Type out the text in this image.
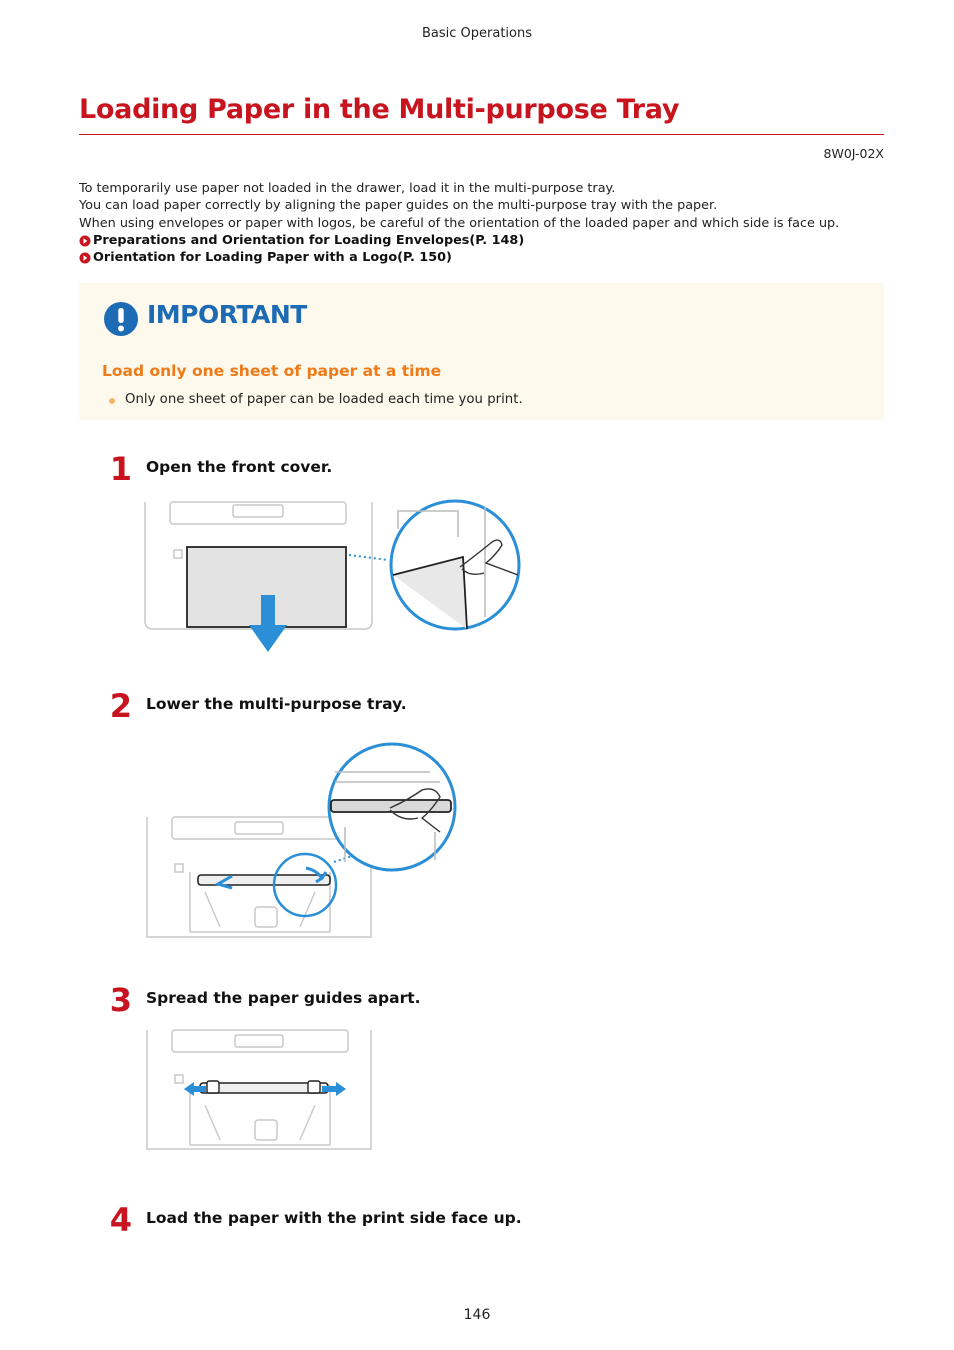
Basic Operations
Loading Paper in the Multi-purpose Tray
8W0J-02X

To temporarily use paper not loaded in the drawer, load it in the multi-purpose tray.

You can load paper correctly by aligning the paper guides on the multi-purpose tray with the paper.

When using envelopes or paper with logos, be careful of the orientation of the loaded paper and which side is face up.

Preparations and Orientation for Loading Envelopes(P. 148)
Orientation for Loading Paper with a Logo(P. 150)
IMPORTANT
Load only one sheet of paper at a time
Only one sheet of paper can be loaded each time you print.
1 Open the front cover.
2 Lower the multi-purpose tray.
3 Spread the paper guides apart.
4 Load the paper with the print side face up.
146
